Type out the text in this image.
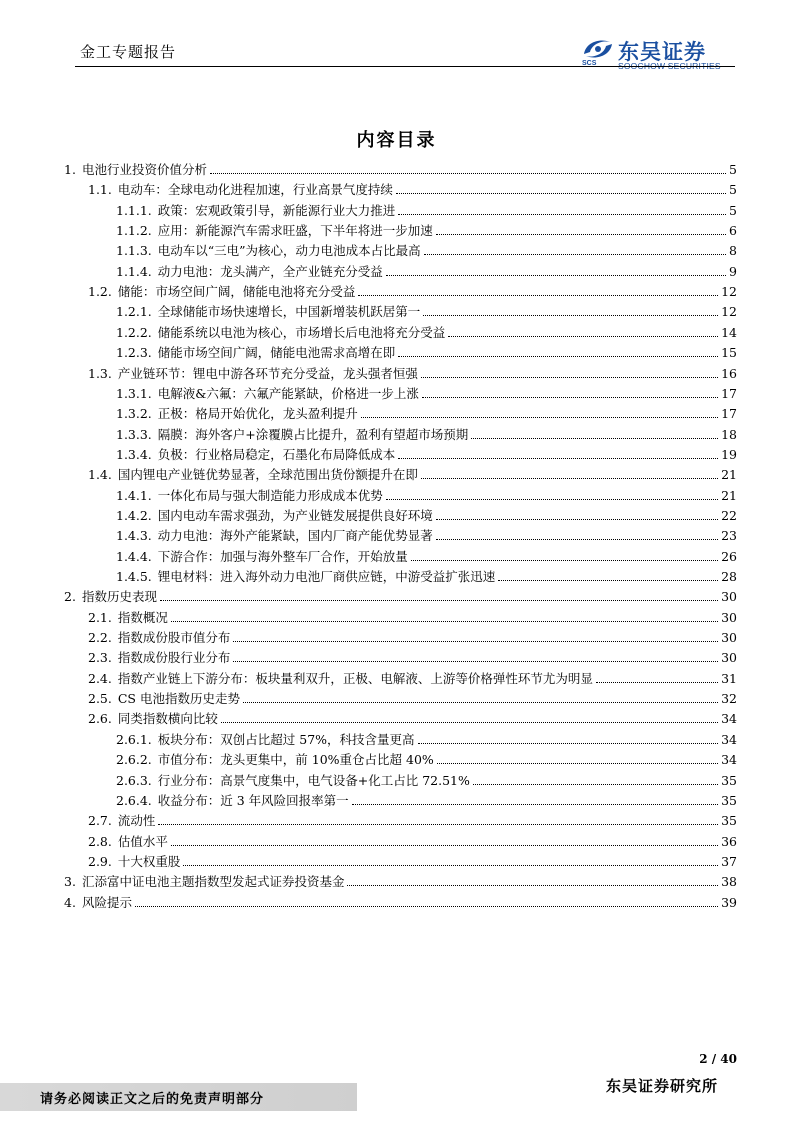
金工专题报告
SCS 东吴证券
SOOCHOW SECURITIES
内容目录
1. 电池行业投资价值分析	5
1.1. 电动车：全球电动化进程加速，行业高景气度持续	5
1.1.1. 政策：宏观政策引导，新能源行业大力推进	5
1.1.2. 应用：新能源汽车需求旺盛，下半年将进一步加速	6
1.1.3. 电动车以“三电”为核心，动力电池成本占比最高	8
1.1.4. 动力电池：龙头满产，全产业链充分受益	9
1.2. 储能：市场空间广阔，储能电池将充分受益	12
1.2.1. 全球储能市场快速增长，中国新增装机跃居第一	12
1.2.2. 储能系统以电池为核心，市场增长后电池将充分受益	14
1.2.3. 储能市场空间广阔，储能电池需求高增在即	15
1.3. 产业链环节：锂电中游各环节充分受益，龙头强者恒强	16
1.3.1. 电解液&六氟：六氟产能紧缺，价格进一步上涨	17
1.3.2. 正极：格局开始优化，龙头盈利提升	17
1.3.3. 隔膜：海外客户+涂覆膜占比提升，盈利有望超市场预期	18
1.3.4. 负极：行业格局稳定，石墨化布局降低成本	19
1.4. 国内锂电产业链优势显著，全球范围出货份额提升在即	21
1.4.1. 一体化布局与强大制造能力形成成本优势	21
1.4.2. 国内电动车需求强劲，为产业链发展提供良好环境	22
1.4.3. 动力电池：海外产能紧缺，国内厂商产能优势显著	23
1.4.4. 下游合作：加强与海外整车厂合作，开始放量	26
1.4.5. 锂电材料：进入海外动力电池厂商供应链，中游受益扩张迅速	28
2. 指数历史表现	30
2.1. 指数概况	30
2.2. 指数成份股市值分布	30
2.3. 指数成份股行业分布	30
2.4. 指数产业链上下游分布：板块量利双升，正极、电解液、上游等价格弹性环节尤为明显	31
2.5. CS 电池指数历史走势	32
2.6. 同类指数横向比较	34
2.6.1. 板块分布：双创占比超过 57%，科技含量更高	34
2.6.2. 市值分布：龙头更集中，前 10%重仓占比超 40%	34
2.6.3. 行业分布：高景气度集中，电气设备+化工占比 72.51%	35
2.6.4. 收益分布：近 3 年风险回报率第一	35
2.7. 流动性	35
2.8. 估值水平	36
2.9. 十大权重股	37
3. 汇添富中证电池主题指数型发起式证券投资基金	38
4. 风险提示	39
2 / 40
请务必阅读正文之后的免责声明部分
东吴证券研究所
